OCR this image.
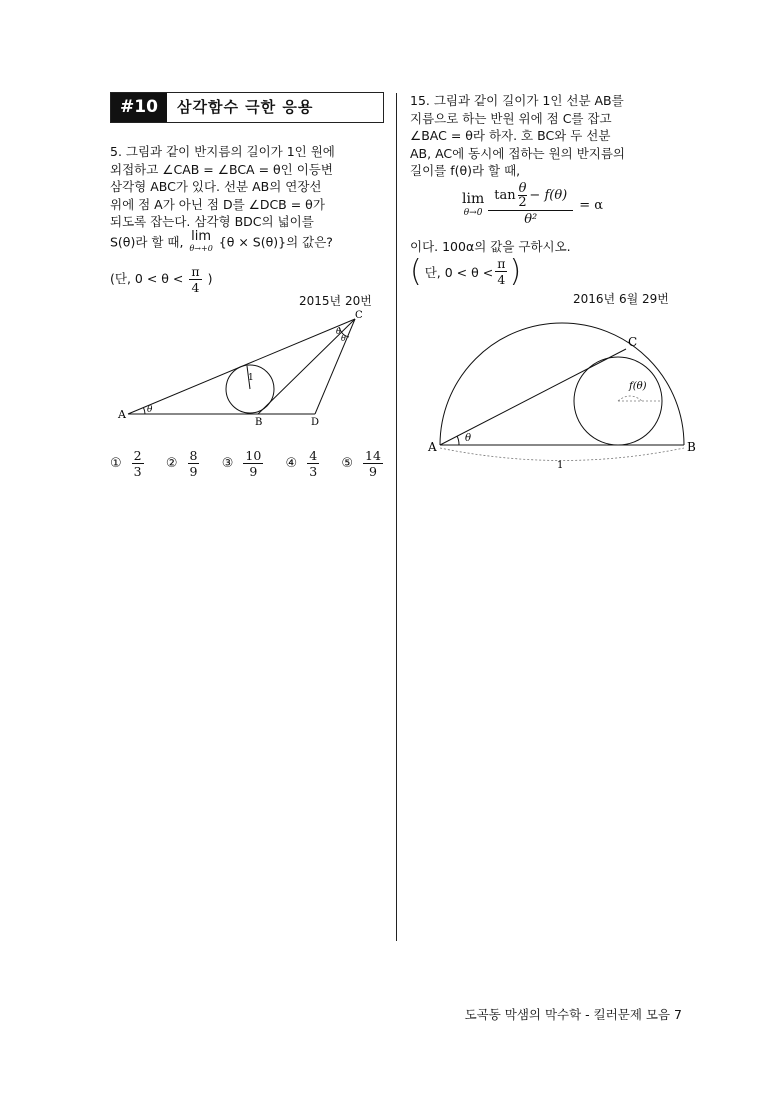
#10	삼각함수 극한 응용
5. 그림과 같이 반지름의 길이가 1인 원에
외접하고 ∠CAB = ∠BCA = θ인 이등변
삼각형 ABC가 있다. 선분 AB의 연장선
위에 점 A가 아닌 점 D를 ∠DCB = θ가
되도록 잡는다. 삼각형 BDC의 넓이를
S(θ)라 할 때, lim
θ→+0 {θ × S(θ)}의 값은?
(단, $0 < \theta < \frac{\pi}{4}$ )
2015년 20번
A
B
C
D
θ
θ
θ
1
① $\frac{2}{3}$ ② $\frac{8}{9}$ ③ $\frac{10}{9}$ ④ $\frac{4}{3}$ ⑤ $\frac{14}{9}$
15. 그림과 같이 길이가 1인 선분 AB를
지름으로 하는 반원 위에 점 C를 잡고
∠BAC = θ라 하자. 호 BC와 두 선분
AB, AC에 동시에 접하는 원의 반지름의
길이를 f(θ)라 할 때,
lim
$\theta\to 0 \frac{\tan \frac{\theta}{2} - f(\theta)}{\text{θ²}} = \alpha$
이다. 100α의 값을 구하시오.
( 단, $0 < \theta < \frac{\pi}{4}$ )
2016년 6월 29번
A	B
C
θ
f(θ)
1
도곡동 막샘의 막수학 - 킬러문제 모음 7
